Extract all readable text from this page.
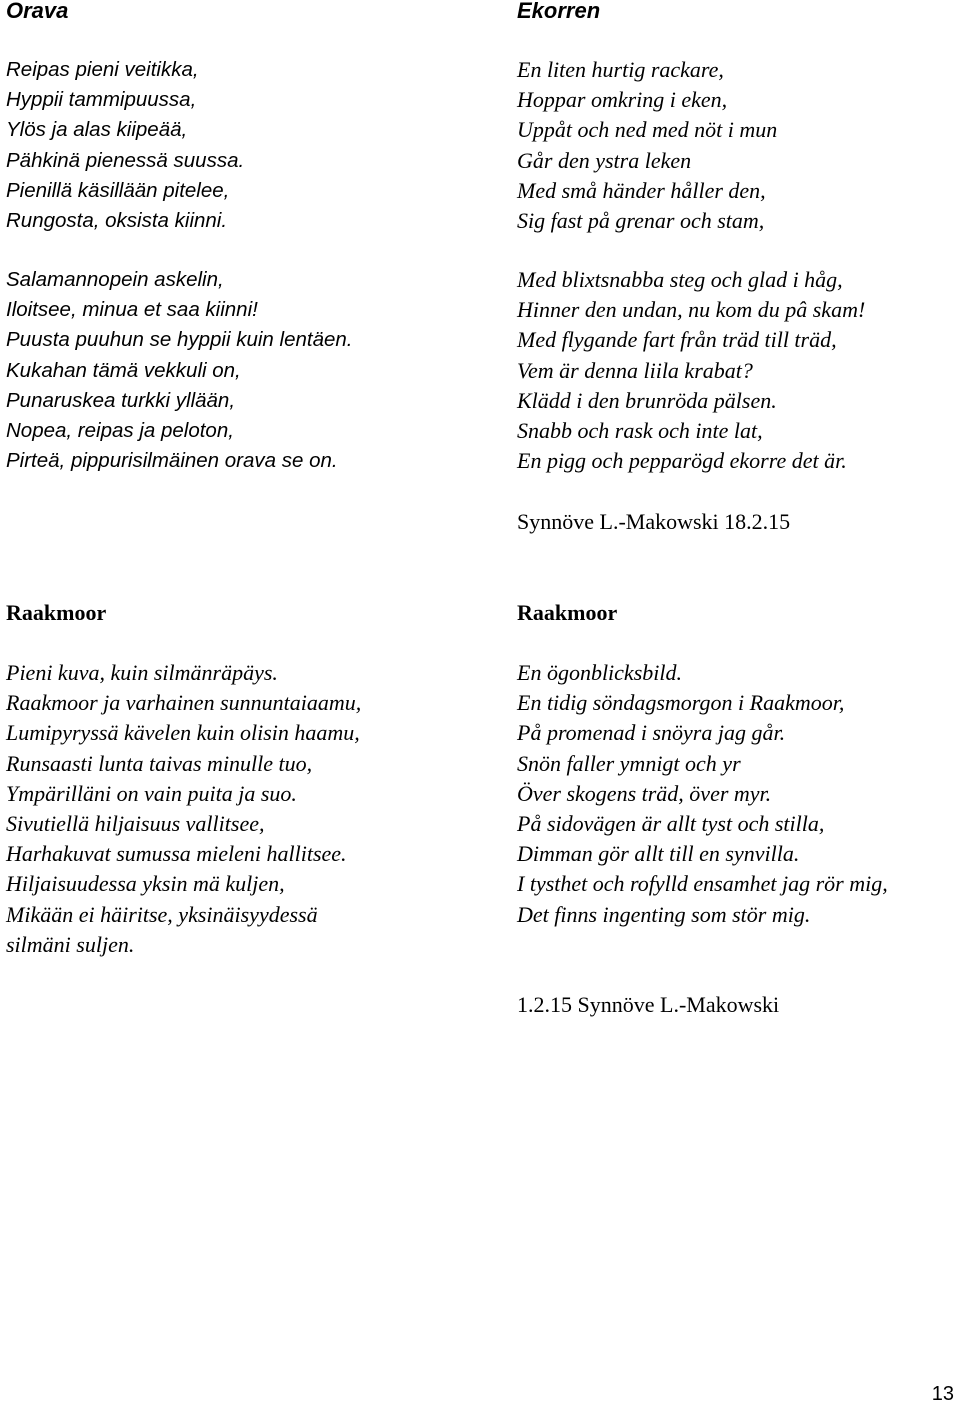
Orava
Reipas pieni veitikka,
Hyppii tammipuussa,
Ylös ja alas kiipeää,
Pähkinä pienessä suussa.
Pienillä käsillään pitelee,
Rungosta, oksista kiinni.
Salamannopein askelin,
Iloitsee, minua et saa kiinni!
Puusta puuhun se hyppii kuin lentäen.
Kukahan tämä vekkuli on,
Punaruskea turkki yllään,
Nopea, reipas ja peloton,
Pirteä, pippurisilmäinen orava se on.
Ekorren
En liten hurtig rackare,
Hoppar omkring i eken,
Uppåt och ned med nöt i mun
Går den ystra leken
Med små händer håller den,
Sig fast på grenar och stam,
Med blixtsnabba steg och glad i håg,
Hinner den undan, nu kom du pâ skam!
Med flygande fart från träd till träd,
Vem är denna liila krabat?
Klädd i den brunröda pälsen.
Snabb och rask och inte lat,
En pigg och pepparögd ekorre det är.
Synnöve L.-Makowski 18.2.15
Raakmoor
Pieni kuva, kuin silmänräpäys.
Raakmoor ja varhainen sunnuntaiaamu,
Lumipyryssä kävelen kuin olisin haamu,
Runsaasti lunta taivas minulle tuo,
Ympärilläni on vain puita ja suo.
Sivutiellä hiljaisuus vallitsee,
Harhakuvat sumussa mieleni hallitsee.
Hiljaisuudessa yksin mä kuljen,
Mikään ei häiritse, yksinäisyydessä
silmäni suljen.
Raakmoor
En ögonblicksbild.
En tidig söndagsmorgon i Raakmoor,
På promenad i snöyra jag går.
Snön faller ymnigt och yr
Över skogens träd, över myr.
På sidovägen är allt tyst och stilla,
Dimman gör allt till en synvilla.
I tysthet och rofylld ensamhet jag rör mig,
Det finns ingenting som stör mig.
1.2.15 Synnöve L.-Makowski
13
